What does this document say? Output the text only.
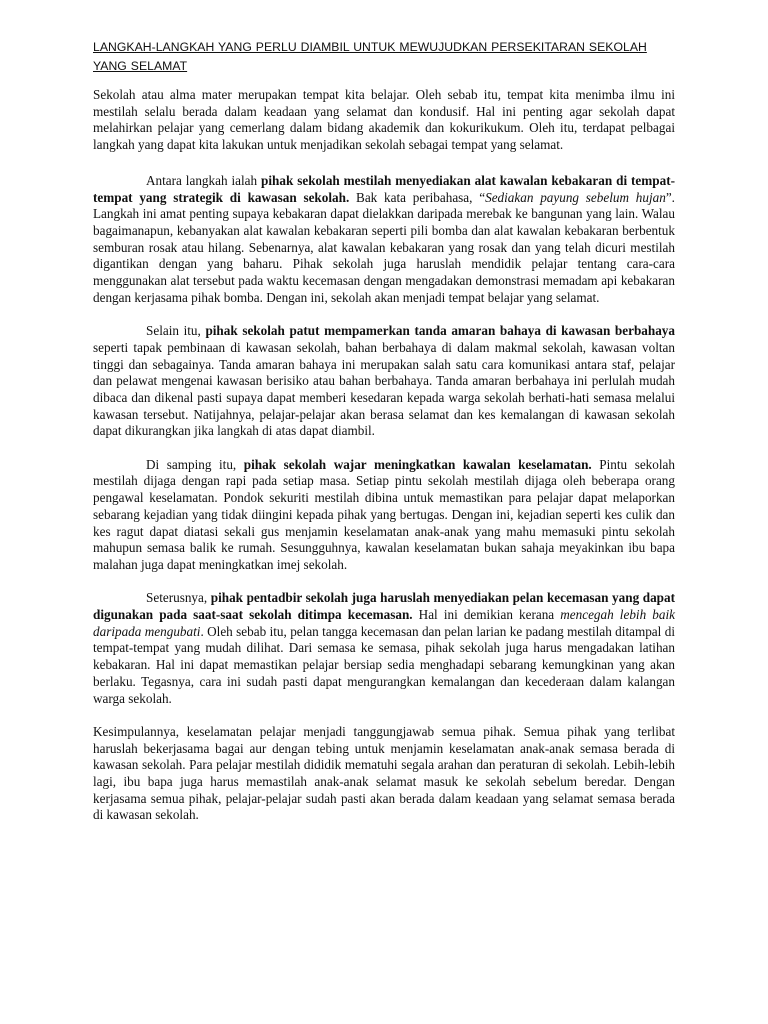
LANGKAH-LANGKAH YANG PERLU DIAMBIL UNTUK MEWUJUDKAN PERSEKITARAN SEKOLAH YANG SELAMAT

Sekolah atau alma mater merupakan tempat kita belajar. Oleh sebab itu, tempat kita menimba ilmu ini mestilah selalu berada dalam keadaan yang selamat dan kondusif. Hal ini penting agar sekolah dapat melahirkan pelajar yang cemerlang dalam bidang akademik dan kokurikukum. Oleh itu, terdapat pelbagai langkah yang dapat kita lakukan untuk menjadikan sekolah sebagai tempat yang selamat.

Antara langkah ialah pihak sekolah mestilah menyediakan alat kawalan kebakaran di tempat-tempat yang strategik di kawasan sekolah. Bak kata peribahasa, “Sediakan payung sebelum hujan”. Langkah ini amat penting supaya kebakaran dapat dielakkan daripada merebak ke bangunan yang lain. Walau bagaimanapun, kebanyakan alat kawalan kebakaran seperti pili bomba dan alat kawalan kebakaran berbentuk semburan rosak atau hilang. Sebenarnya, alat kawalan kebakaran yang rosak dan yang telah dicuri mestilah digantikan dengan yang baharu. Pihak sekolah juga haruslah mendidik pelajar tentang cara-cara menggunakan alat tersebut pada waktu kecemasan dengan mengadakan demonstrasi memadam api kebakaran dengan kerjasama pihak bomba. Dengan ini, sekolah akan menjadi tempat belajar yang selamat.

Selain itu, pihak sekolah patut mempamerkan tanda amaran bahaya di kawasan berbahaya seperti tapak pembinaan di kawasan sekolah, bahan berbahaya di dalam makmal sekolah, kawasan voltan tinggi dan sebagainya. Tanda amaran bahaya ini merupakan salah satu cara komunikasi antara staf, pelajar dan pelawat mengenai kawasan berisiko atau bahan berbahaya. Tanda amaran berbahaya ini perlulah mudah dibaca dan dikenal pasti supaya dapat memberi kesedaran kepada warga sekolah berhati-hati semasa melalui kawasan tersebut. Natijahnya, pelajar-pelajar akan berasa selamat dan kes kemalangan di kawasan sekolah dapat dikurangkan jika langkah di atas dapat diambil.

Di samping itu, pihak sekolah wajar meningkatkan kawalan keselamatan. Pintu sekolah mestilah dijaga dengan rapi pada setiap masa. Setiap pintu sekolah mestilah dijaga oleh beberapa orang pengawal keselamatan. Pondok sekuriti mestilah dibina untuk memastikan para pelajar dapat melaporkan sebarang kejadian yang tidak diingini kepada pihak yang bertugas. Dengan ini, kejadian seperti kes culik dan kes ragut dapat diatasi sekali gus menjamin keselamatan anak-anak yang mahu memasuki pintu sekolah mahupun semasa balik ke rumah. Sesungguhnya, kawalan keselamatan bukan sahaja meyakinkan ibu bapa malahan juga dapat meningkatkan imej sekolah.

Seterusnya, pihak pentadbir sekolah juga haruslah menyediakan pelan kecemasan yang dapat digunakan pada saat-saat sekolah ditimpa kecemasan. Hal ini demikian kerana mencegah lebih baik daripada mengubati. Oleh sebab itu, pelan tangga kecemasan dan pelan larian ke padang mestilah ditampal di tempat-tempat yang mudah dilihat. Dari semasa ke semasa, pihak sekolah juga harus mengadakan latihan kebakaran. Hal ini dapat memastikan pelajar bersiap sedia menghadapi sebarang kemungkinan yang akan berlaku. Tegasnya, cara ini sudah pasti dapat mengurangkan kemalangan dan kecederaan dalam kalangan warga sekolah.

Kesimpulannya, keselamatan pelajar menjadi tanggungjawab semua pihak. Semua pihak yang terlibat haruslah bekerjasama bagai aur dengan tebing untuk menjamin keselamatan anak-anak semasa berada di kawasan sekolah. Para pelajar mestilah dididik mematuhi segala arahan dan peraturan di sekolah. Lebih-lebih lagi, ibu bapa juga harus memastilah anak-anak selamat masuk ke sekolah sebelum beredar. Dengan kerjasama semua pihak, pelajar-pelajar sudah pasti akan berada dalam keadaan yang selamat semasa berada di kawasan sekolah.
